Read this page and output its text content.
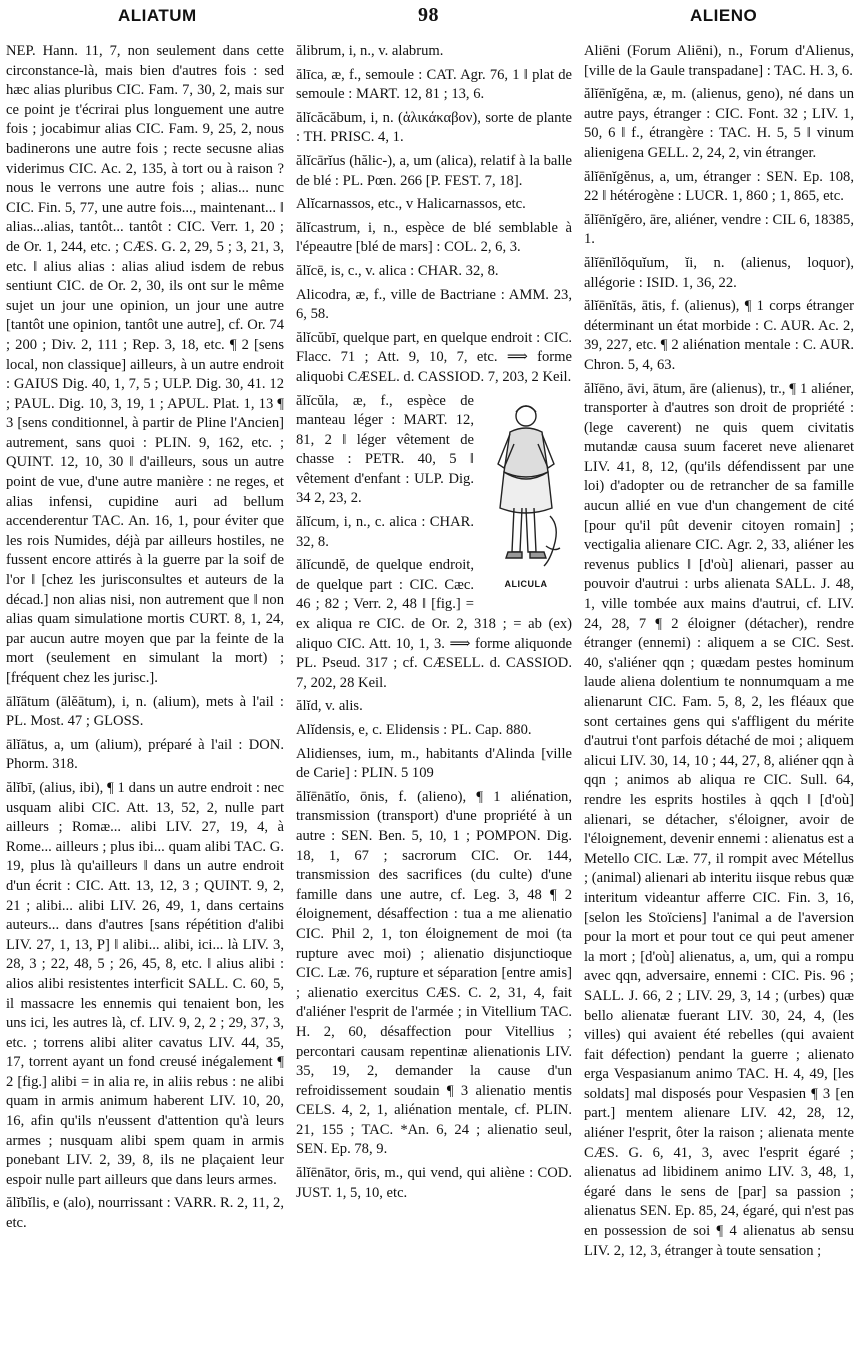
ALIATUM	98	ALIENO

NEP. Hann. 11, 7, non seulement dans cette circonstance-là, mais bien d'autres fois : sed hæc alias pluribus CIC. Fam. 7, 30, 2, mais sur ce point je t'écrirai plus longuement une autre fois ; jocabimur alias CIC. Fam. 9, 25, 2, nous badinerons une autre fois ; recte secusne alias viderimus CIC. Ac. 2, 135, à tort ou à raison ? nous le verrons une autre fois ; alias... nunc CIC. Fin. 5, 77, une autre fois..., maintenant... ‖ alias...alias, tantôt... tantôt : CIC. Verr. 1, 20 ; de Or. 1, 244, etc. ; CÆS. G. 2, 29, 5 ; 3, 21, 3, etc. ‖ alius alias : alias aliud isdem de rebus sentiunt CIC. de Or. 2, 30, ils ont sur le même sujet un jour une opinion, un jour une autre [tantôt une opinion, tantôt une autre], cf. Or. 74 ; 200 ; Div. 2, 111 ; Rep. 3, 18, etc. ¶ 2 [sens local, non classique] ailleurs, à un autre endroit : GAIUS Dig. 40, 1, 7, 5 ; ULP. Dig. 30, 41. 12 ; PAUL. Dig. 10, 3, 19, 1 ; APUL. Plat. 1, 13 ¶ 3 [sens conditionnel, à partir de Pline l'Ancien] autrement, sans quoi : PLIN. 9, 162, etc. ; QUINT. 12, 10, 30 ‖ d'ailleurs, sous un autre point de vue, d'une autre manière : ne reges, et alias infensi, cupidine auri ad bellum accenderentur TAC. An. 16, 1, pour éviter que les rois Numides, déjà par ailleurs hostiles, ne fussent encore attirés à la guerre par la soif de l'or ‖ [chez les jurisconsultes et auteurs de la décad.] non alias nisi, non autrement que ‖ non alias quam simulatione mortis CURT. 8, 1, 24, par aucun autre moyen que par la feinte de la mort (seulement en simulant la mort) ; [fréquent chez les jurisc.].

ālĭātum (ālĕātum), i, n. (alium), mets à l'ail : PL. Most. 47 ; GLOSS.

ālĭātus, a, um (alium), préparé à l'ail : DON. Phorm. 318.

ălĭbī, (alius, ibi), ¶ 1 dans un autre endroit : nec usquam alibi CIC. Att. 13, 52, 2, nulle part ailleurs ; Romæ... alibi LIV. 27, 19, 4, à Rome... ailleurs ; plus ibi... quam alibi TAC. G. 19, plus là qu'ailleurs ‖ dans un autre endroit d'un écrit : CIC. Att. 13, 12, 3 ; QUINT. 9, 2, 21 ; alibi... alibi LIV. 26, 49, 1, dans certains auteurs... dans d'autres [sans répétition d'alibi LIV. 27, 1, 13, P] ‖ alibi... alibi, ici... là LIV. 3, 28, 3 ; 22, 48, 5 ; 26, 45, 8, etc. ‖ alius alibi : alios alibi resistentes interficit SALL. C. 60, 5, il massacre les ennemis qui tenaient bon, les uns ici, les autres là, cf. LIV. 9, 2, 2 ; 29, 37, 3, etc. ; torrens alibi aliter cavatus LIV. 44, 35, 17, torrent ayant un fond creusé inégalement ¶ 2 [fig.] alibi = in alia re, in aliis rebus : ne alibi quam in armis animum haberent LIV. 10, 20, 16, afin qu'ils n'eussent d'attention qu'à leurs armes ; nusquam alibi spem quam in armis ponebant LIV. 2, 39, 8, ils ne plaçaient leur espoir nulle part ailleurs que dans leurs armes.

ălĭbĭlis, e (alo), nourrissant : VARR. R. 2, 11, 2, etc.

ălibrum, i, n., v. alabrum.

ălīca, æ, f., semoule : CAT. Agr. 76, 1 ‖ plat de semoule : MART. 12, 81 ; 13, 6.

ălĭcăcăbum, i, n. (ἁλικάκαβον), sorte de plante : TH. PRISC. 4, 1.

ălĭcārĭus (hălic-), a, um (alica), relatif à la balle de blé : PL. Pœn. 266 [P. FEST. 7, 18].

Alĭcarnassos, etc., v Halicarnassos, etc.

ălĭcastrum, i, n., espèce de blé semblable à l'épeautre [blé de mars] : COL. 2, 6, 3.

ălĭcē, is, c., v. alica : CHAR. 32, 8.

Alicodra, æ, f., ville de Bactriane : AMM. 23, 6, 58.

ălĭcŭbī, quelque part, en quelque endroit : CIC. Flacc. 71 ; Att. 9, 10, 7, etc. ⟹ forme aliquobi CÆSEL. d. CASSIOD. 7, 203, 2 Keil.

ALICULA

ălĭcŭla, æ, f., espèce de manteau léger : MART. 12, 81, 2 ‖ léger vêtement de chasse : PETR. 40, 5 ‖ vêtement d'enfant : ULP. Dig. 34 2, 23, 2.

ălĭcum, i, n., c. alica : CHAR. 32, 8.

ălĭcundĕ, de quelque endroit, de quelque part : CIC. Cæc. 46 ; 82 ; Verr. 2, 48 ‖ [fig.] = ex aliqua re CIC. de Or. 2, 318 ; = ab (ex) aliquo CIC. Att. 10, 1, 3. ⟹ forme aliquonde PL. Pseud. 317 ; cf. CÆSELL. d. CASSIOD. 7, 202, 28 Keil.

ălĭd, v. alis.

Alĭdensis, e, c. Elidensis : PL. Cap. 880.

Alidienses, ium, m., habitants d'Alinda [ville de Carie] : PLIN. 5 109

ălĭēnātĭo, ōnis, f. (alieno), ¶ 1 aliénation, transmission (transport) d'une propriété à un autre : SEN. Ben. 5, 10, 1 ; POMPON. Dig. 18, 1, 67 ; sacrorum CIC. Or. 144, transmission des sacrifices (du culte) d'une famille dans une autre, cf. Leg. 3, 48 ¶ 2 éloignement, désaffection : tua a me alienatio CIC. Phil 2, 1, ton éloignement de moi (ta rupture avec moi) ; alienatio disjunctioque CIC. Læ. 76, rupture et séparation [entre amis] ; alienatio exercitus CÆS. C. 2, 31, 4, fait d'aliéner l'esprit de l'armée ; in Vitellium TAC. H. 2, 60, désaffection pour Vitellius ; percontari causam repentinæ alienationis LIV. 35, 19, 2, demander la cause d'un refroidissement soudain ¶ 3 alienatio mentis CELS. 4, 2, 1, aliénation mentale, cf. PLIN. 21, 155 ; TAC. *An. 6, 24 ; alienatio seul, SEN. Ep. 78, 9.

ălĭēnātor, ōris, m., qui vend, qui aliène : COD. JUST. 1, 5, 10, etc.

Aliēni (Forum Aliēni), n., Forum d'Alienus, [ville de la Gaule transpadane] : TAC. H. 3, 6.

ălĭēnĭgĕna, æ, m. (alienus, geno), né dans un autre pays, étranger : CIC. Font. 32 ; LIV. 1, 50, 6 ‖ f., étrangère : TAC. H. 5, 5 ‖ vinum alienigena GELL. 2, 24, 2, vin étranger.

ălĭēnĭgĕnus, a, um, étranger : SEN. Ep. 108, 22 ‖ hétérogène : LUCR. 1, 860 ; 1, 865, etc.

ălĭēnĭgĕro, āre, aliéner, vendre : CIL 6, 18385, 1.

ălĭēnĭlŏquĭum, ĭi, n. (alienus, loquor), allégorie : ISID. 1, 36, 22.

ălĭēnĭtās, ātis, f. (alienus), ¶ 1 corps étranger déterminant un état morbide : C. AUR. Ac. 2, 39, 227, etc. ¶ 2 aliénation mentale : C. AUR. Chron. 5, 4, 63.

ălĭēno, āvi, ātum, āre (alienus), tr., ¶ 1 aliéner, transporter à d'autres son droit de propriété : (lege caverent) ne quis quem civitatis mutandæ causa suum faceret neve alienaret LIV. 41, 8, 12, (qu'ils défendissent par une loi) d'adopter ou de retrancher de sa famille aucun allié en vue d'un changement de cité [pour qu'il pût devenir citoyen romain] ; vectigalia alienare CIC. Agr. 2, 33, aliéner les revenus publics ‖ [d'où] alienari, passer au pouvoir d'autrui : urbs alienata SALL. J. 48, 1, ville tombée aux mains d'autrui, cf. LIV. 24, 28, 7 ¶ 2 éloigner (détacher), rendre étranger (ennemi) : aliquem a se CIC. Sest. 40, s'aliéner qqn ; quædam pestes hominum laude aliena dolentium te nonnumquam a me alienarunt CIC. Fam. 5, 8, 2, les fléaux que sont certaines gens qui s'affligent du mérite d'autrui t'ont parfois détaché de moi ; aliquem alicui LIV. 30, 14, 10 ; 44, 27, 8, aliéner qqn à qqn ; animos ab aliqua re CIC. Sull. 64, rendre les esprits hostiles à qqch ‖ [d'où] alienari, se détacher, s'éloigner, avoir de l'éloignement, devenir ennemi : alienatus est a Metello CIC. Læ. 77, il rompit avec Métellus ; (animal) alienari ab interitu iisque rebus quæ interitum videantur afferre CIC. Fin. 3, 16, [selon les Stoïciens] l'animal a de l'aversion pour la mort et pour tout ce qui peut amener la mort ; [d'où] alienatus, a, um, qui a rompu avec qqn, adversaire, ennemi : CIC. Pis. 96 ; SALL. J. 66, 2 ; LIV. 29, 3, 14 ; (urbes) quæ bello alienatæ fuerant LIV. 30, 24, 4, (les villes) qui avaient été rebelles (qui avaient fait défection) pendant la guerre ; alienato erga Vespasianum animo TAC. H. 4, 49, [les soldats] mal disposés pour Vespasien ¶ 3 [en part.] mentem alienare LIV. 42, 28, 12, aliéner l'esprit, ôter la raison ; alienata mente CÆS. G. 6, 41, 3, avec l'esprit égaré ; alienatus ad libidinem animo LIV. 3, 48, 1, égaré dans le sens de [par] sa passion ; alienatus SEN. Ep. 85, 24, égaré, qui n'est pas en possession de soi ¶ 4 alienatus ab sensu LIV. 2, 12, 3, étranger à toute sensation ;
